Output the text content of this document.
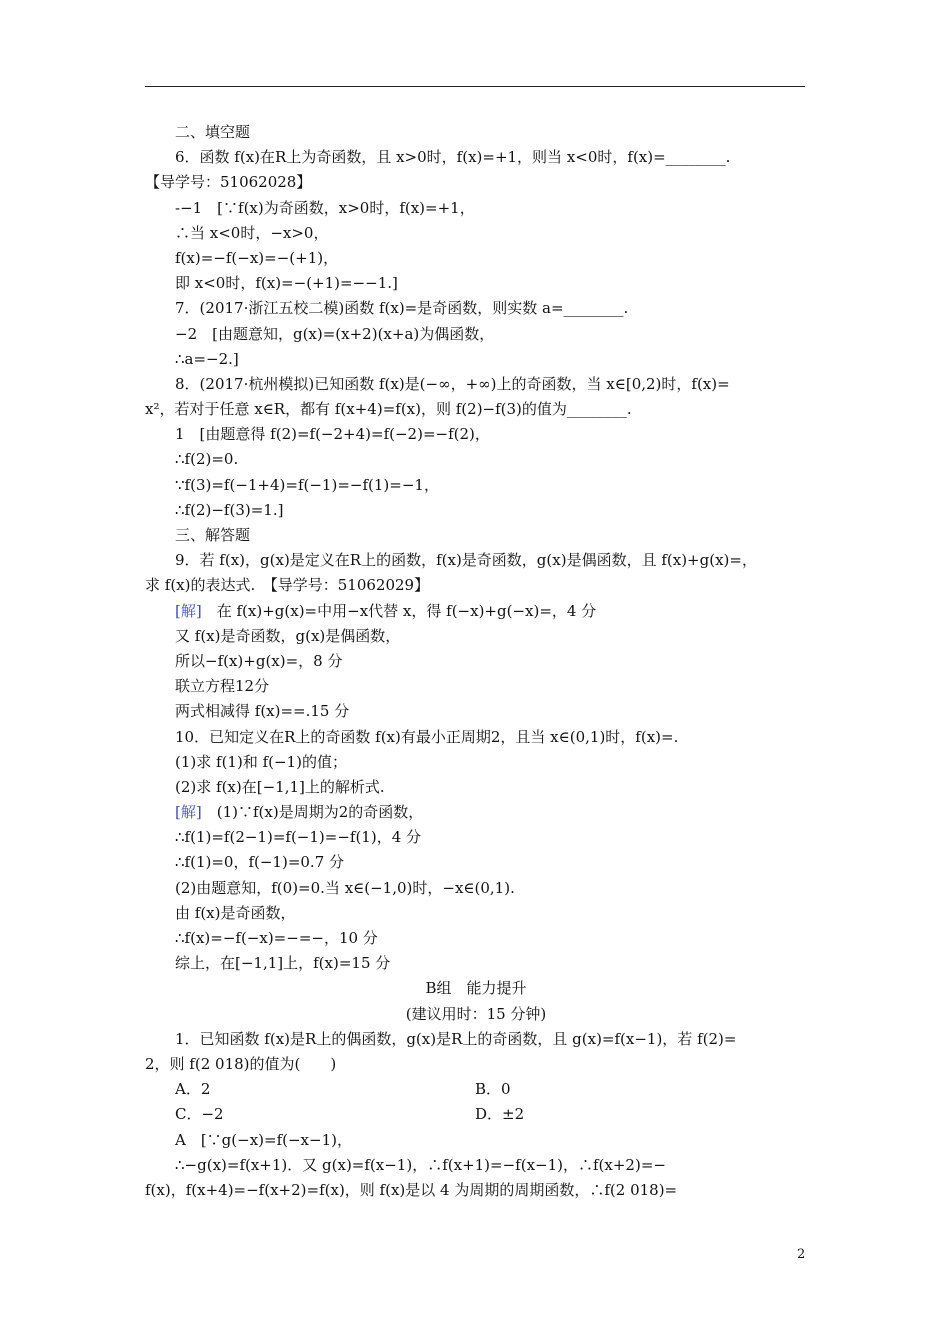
二、填空题
6．函数 f(x)在R上为奇函数，且 x>0时，f(x)=+1，则当 x<0时，f(x)=________.
【导学号：51062028】
-−1　[∵f(x)为奇函数，x>0时，f(x)=+1，
∴当 x<0时，−x>0，
f(x)=−f(−x)=−(+1)，
即 x<0时，f(x)=−(+1)=−−1.]
7．(2017·浙江五校二模)函数 f(x)=是奇函数，则实数 a=________.
−2　[由题意知，g(x)=(x+2)(x+a)为偶函数，
∴a=−2.]
8．(2017·杭州模拟)已知函数 f(x)是(−∞，+∞)上的奇函数，当 x∈[0,2)时，f(x)=
x²，若对于任意 x∈R，都有 f(x+4)=f(x)，则 f(2)−f(3)的值为________.
1　[由题意得 f(2)=f(−2+4)=f(−2)=−f(2)，
∴f(2)=0.
∵f(3)=f(−1+4)=f(−1)=−f(1)=−1，
∴f(2)−f(3)=1.]
三、解答题
9．若 f(x)，g(x)是定义在R上的函数，f(x)是奇函数，g(x)是偶函数，且 f(x)+g(x)=，
求 f(x)的表达式.　【导学号：51062029】
[解]　 在 f(x)+g(x)=中用−x代替 x，得 f(−x)+g(−x)=，4 分
又 f(x)是奇函数，g(x)是偶函数，
所以−f(x)+g(x)=，8 分
联立方程12分
两式相减得 f(x)==.15 分
10．已知定义在R上的奇函数 f(x)有最小正周期2，且当 x∈(0,1)时，f(x)=.
(1)求 f(1)和 f(−1)的值；
(2)求 f(x)在[−1,1]上的解析式.
[解]　 (1)∵f(x)是周期为2的奇函数，
∴f(1)=f(2−1)=f(−1)=−f(1)，4 分
∴f(1)=0，f(−1)=0.7 分
(2)由题意知，f(0)=0.当 x∈(−1,0)时，−x∈(0,1).
由 f(x)是奇函数，
∴f(x)=−f(−x)=−=−，10 分
综上，在[−1,1]上，f(x)=15 分
B组　能力提升
(建议用时：15 分钟)
1．已知函数 f(x)是R上的偶函数，g(x)是R上的奇函数，且 g(x)=f(x−1)，若 f(2)=
2，则 f(2 018)的值为(　　)
A．2	B．0
C．−2	D．±2
A　[∵g(−x)=f(−x−1)，
∴−g(x)=f(x+1)．又 g(x)=f(x−1)，∴f(x+1)=−f(x−1)，∴f(x+2)=−
f(x)，f(x+4)=−f(x+2)=f(x)，则 f(x)是以 4 为周期的周期函数，∴f(2 018)=
2
